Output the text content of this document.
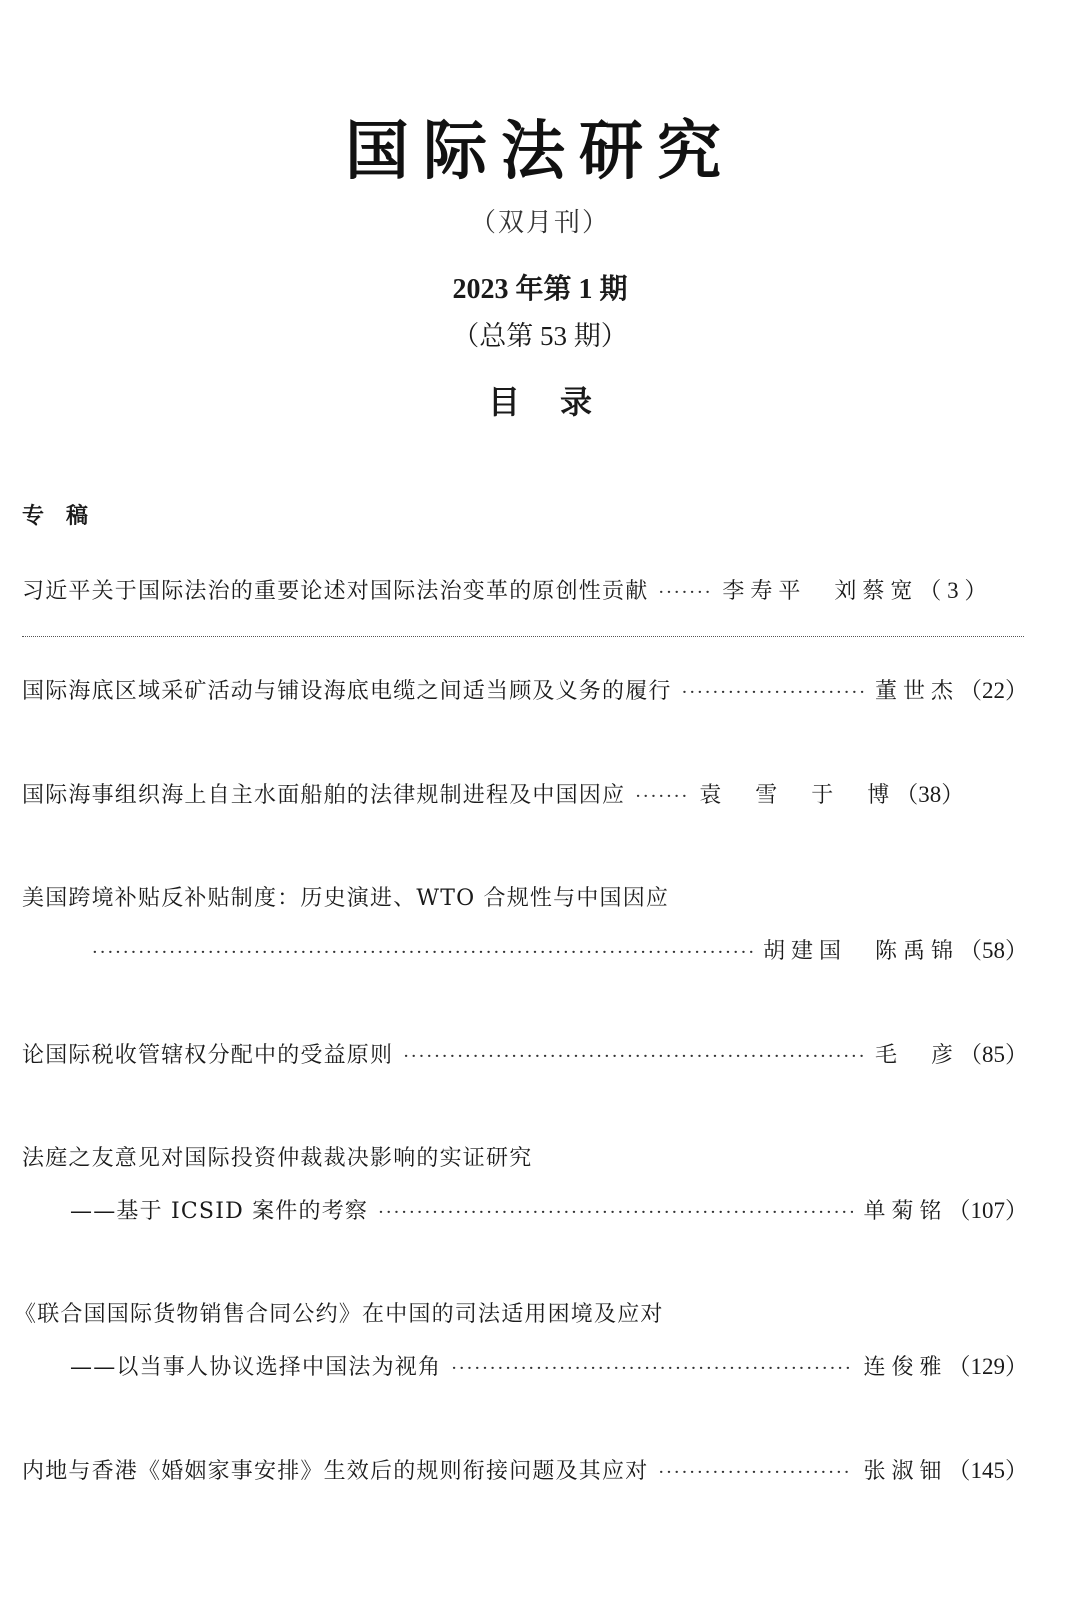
国际法研究
（双月刊）
2023 年第 1 期
（总第 53 期）
目录
专稿
习近平关于国际法治的重要论述对国际法治变革的原创性贡献 ·····	李寿平　刘蔡宽 （ 3 ）
国际海底区域采矿活动与铺设海底电缆之间适当顾及义务的履行 ·····	董世杰 （22）
国际海事组织海上自主水面船舶的法律规制进程及中国因应 ·····	袁　雪　于　博 （38）
美国跨境补贴反补贴制度：历史演进、WTO 合规性与中国因应
·····
胡建国　陈禹锦 （58）
论国际税收管辖权分配中的受益原则 ·····	毛　彦 （85）
法庭之友意见对国际投资仲裁裁决影响的实证研究
——基于 ICSID 案件的考察 ·····	单菊铭 （107）
《联合国国际货物销售合同公约》在中国的司法适用困境及应对
——以当事人协议选择中国法为视角 ·····	连俊雅 （129）
内地与香港《婚姻家事安排》生效后的规则衔接问题及其应对 ·····	张淑钿 （145）
